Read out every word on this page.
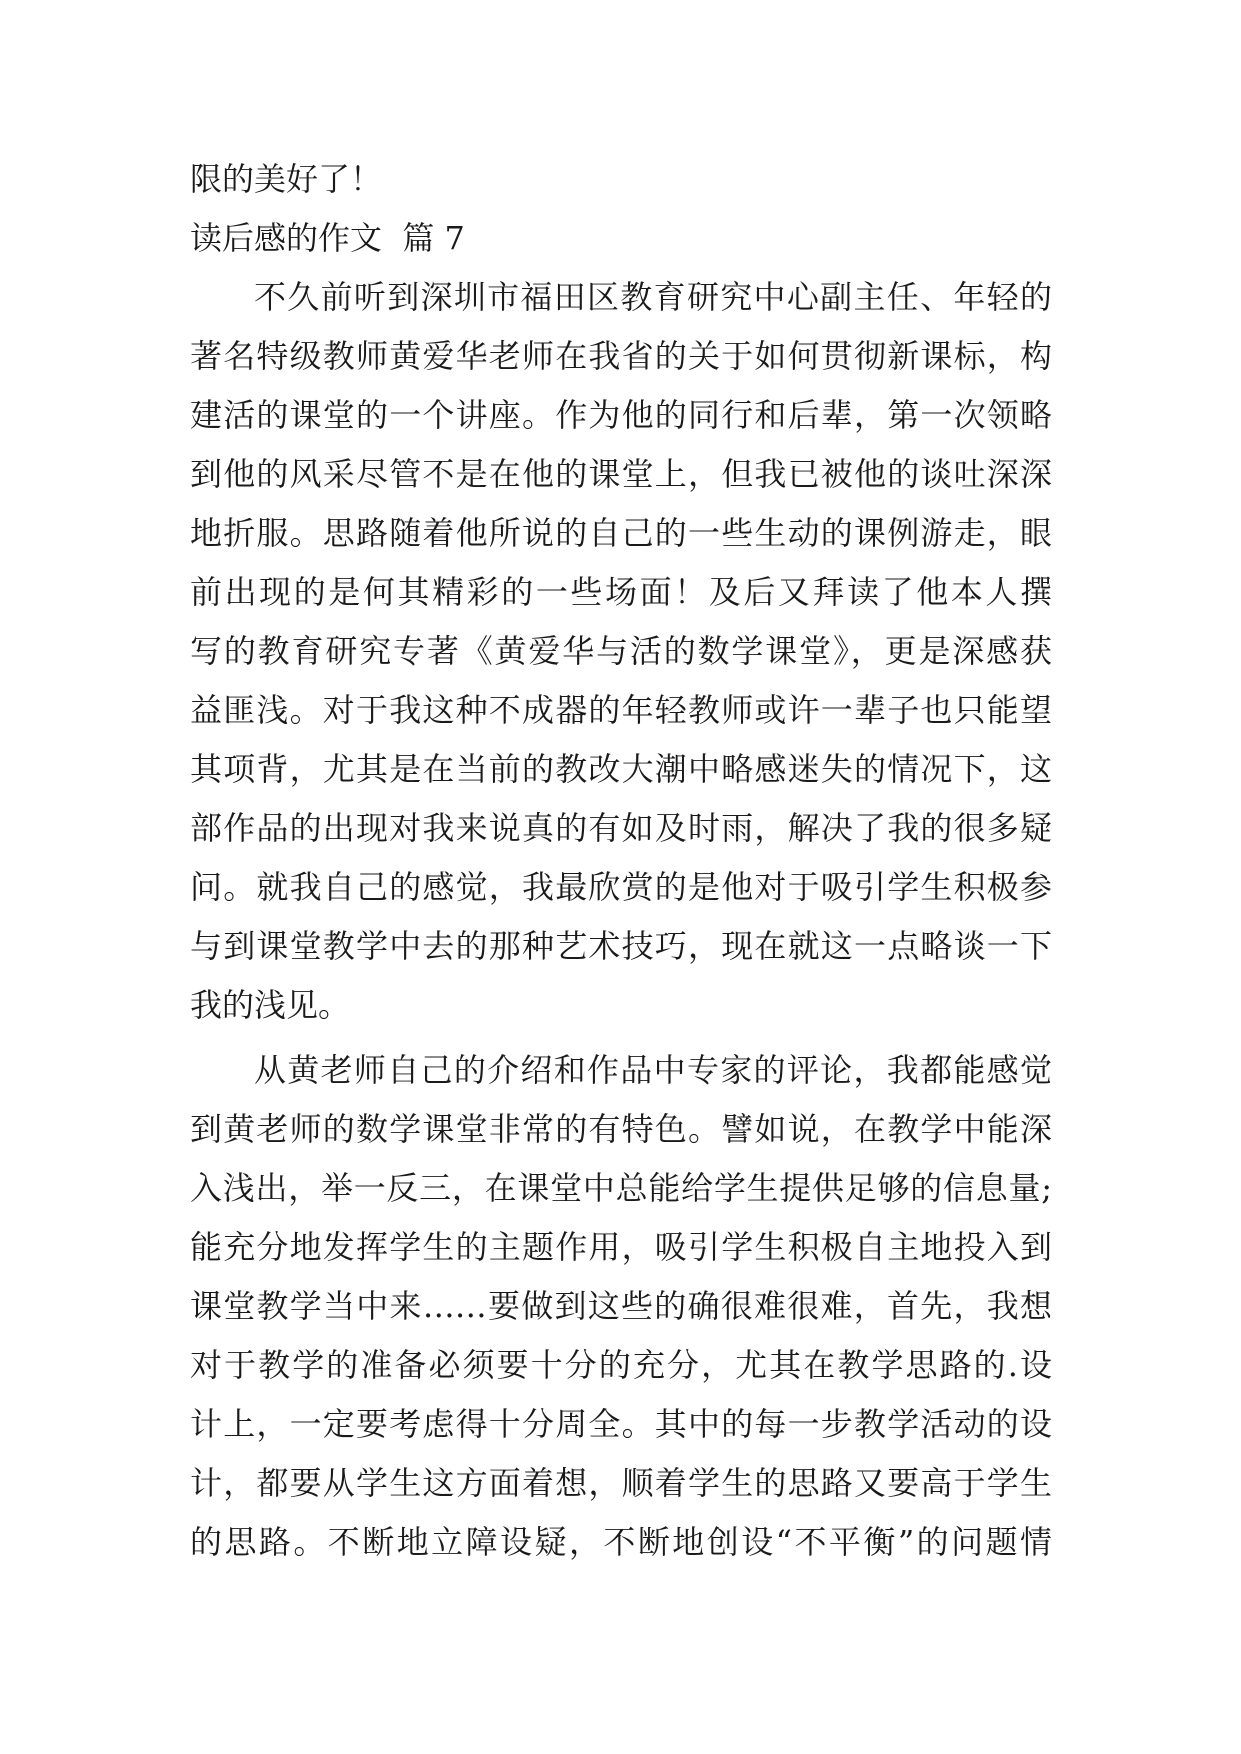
限的美好了！
读后感的作文  篇 7
不久前听到深圳市福田区教育研究中心副主任、年轻的
著名特级教师黄爱华老师在我省的关于如何贯彻新课标，构
建活的课堂的一个讲座。作为他的同行和后辈，第一次领略
到他的风采尽管不是在他的课堂上，但我已被他的谈吐深深
地折服。思路随着他所说的自己的一些生动的课例游走，眼
前出现的是何其精彩的一些场面！及后又拜读了他本人撰
写的教育研究专著《黄爱华与活的数学课堂》，更是深感获
益匪浅。对于我这种不成器的年轻教师或许一辈子也只能望
其项背，尤其是在当前的教改大潮中略感迷失的情况下，这
部作品的出现对我来说真的有如及时雨，解决了我的很多疑
问。就我自己的感觉，我最欣赏的是他对于吸引学生积极参
与到课堂教学中去的那种艺术技巧，现在就这一点略谈一下
我的浅见。
从黄老师自己的介绍和作品中专家的评论，我都能感觉
到黄老师的数学课堂非常的有特色。譬如说，在教学中能深
入浅出，举一反三，在课堂中总能给学生提供足够的信息量;
能充分地发挥学生的主题作用，吸引学生积极自主地投入到
课堂教学当中来……要做到这些的确很难很难，首先，我想
对于教学的准备必须要十分的充分，尤其在教学思路的.设
计上，一定要考虑得十分周全。其中的每一步教学活动的设
计，都要从学生这方面着想，顺着学生的思路又要高于学生
的思路。不断地立障设疑，不断地创设“不平衡”的问题情
